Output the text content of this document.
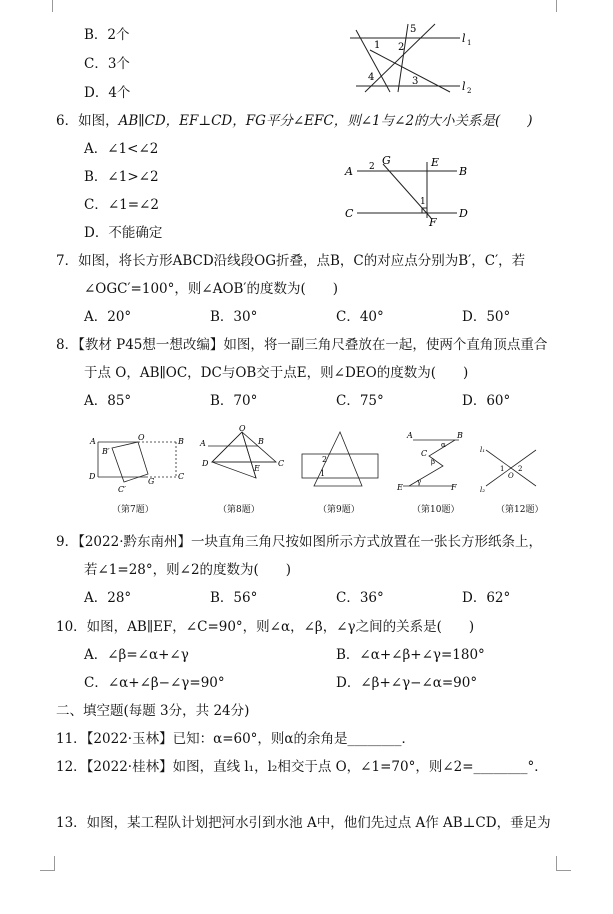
B．2个
C．3个
D．4个
l 1
l 2
1 2
3
4
5
6．如图，AB∥CD，EF⊥CD，FG平分∠EFC，则∠1与∠2的大小关系是(　　)
A．∠1<∠2
B．∠1>∠2
C．∠1=∠2
D．不能确定
A	B
C	D
E
F
G
1
2
7．如图，将长方形ABCD沿线段OG折叠，点B，C的对应点分别为B′，C′，若
∠OGC′=100°，则∠AOB′的度数为(　　)
A．20°	B．30°	C．40°	D．50°
8．【教材 P45想一想改编】如图，将一副三角尺叠放在一起，使两个直角顶点重合
于点 O，AB∥OC，DC与OB交于点E，则∠DEO的度数为(　　)
A．85°	B．70°	C．75°	D．60°
A	O	B
B′
D
G
C
C′
A	B
O
D
E
C	2
1
A	B
C
E	F
α
β
γ
l₁
l₂
O
1 2
（第7题）	（第8题）	（第9题）	（第10题）	（第12题）
9．【2022·黔东南州】一块直角三角尺按如图所示方式放置在一张长方形纸条上，
若∠1=28°，则∠2的度数为(　　)
A．28°	B．56°	C．36°	D．62°
10．如图，AB∥EF，∠C=90°，则∠α，∠β，∠γ之间的关系是(　　)
A．∠β=∠α+∠γ	B．∠α+∠β+∠γ=180°
C．∠α+∠β−∠γ=90°	D．∠β+∠γ−∠α=90°
二、填空题(每题 3分，共 24分)
11．【2022·玉林】已知：α=60°，则α的余角是________．
12．【2022·桂林】如图，直线 l₁，l₂相交于点 O，∠1=70°，则∠2=________°．
13．如图，某工程队计划把河水引到水池 A中，他们先过点 A作 AB⊥CD，垂足为
